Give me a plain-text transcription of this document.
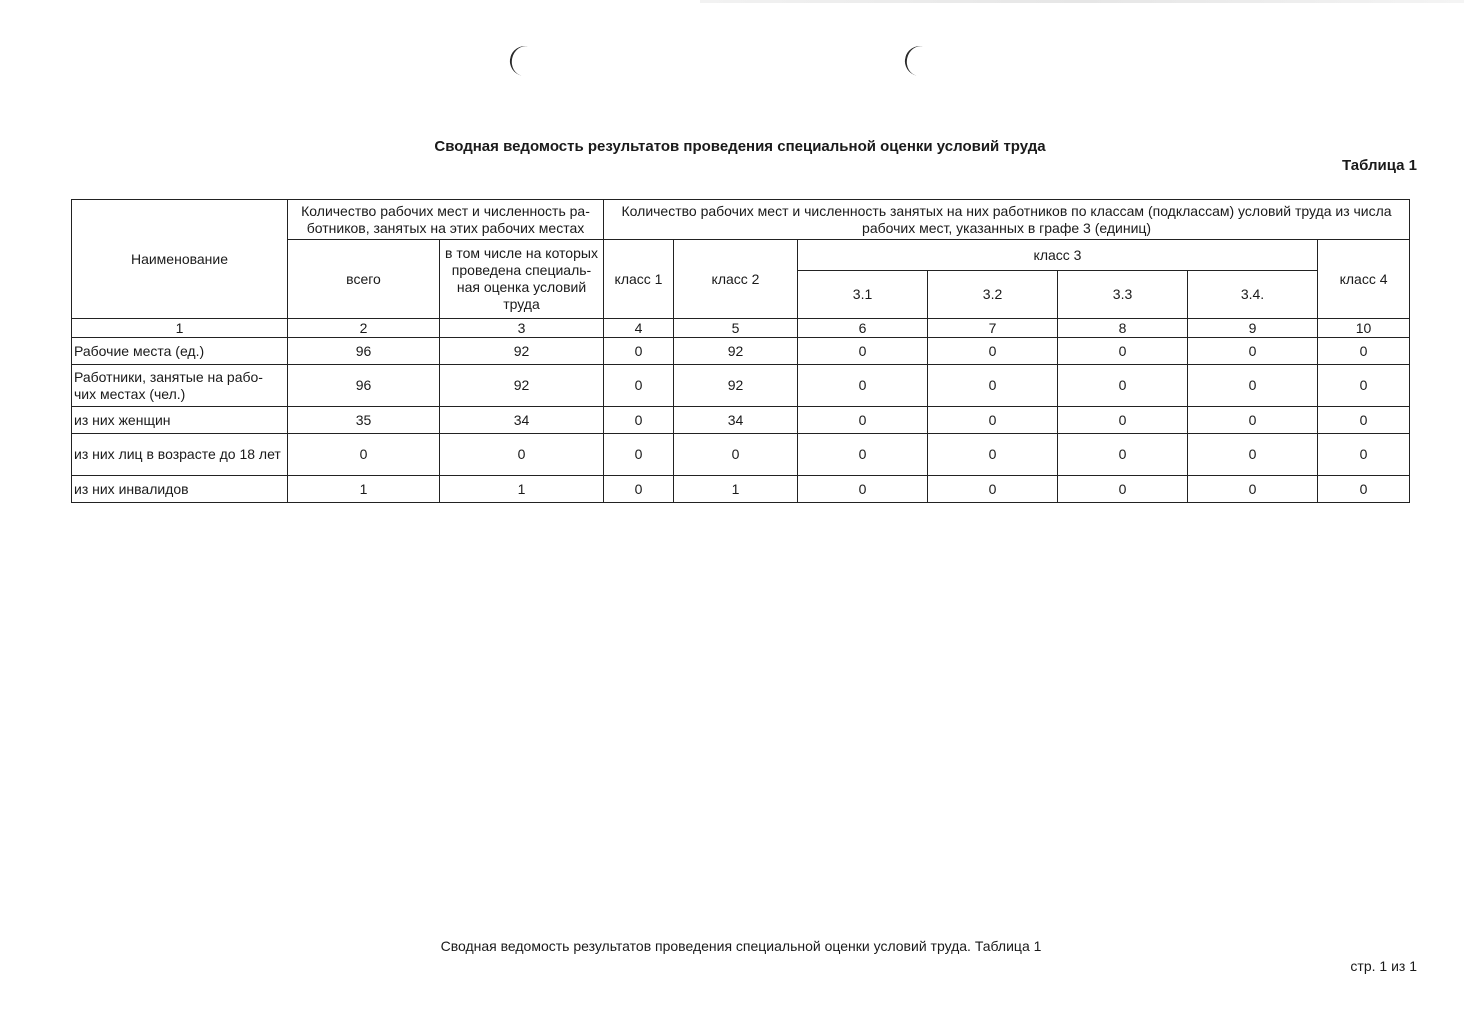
Сводная ведомость результатов проведения специальной оценки условий труда
Таблица 1
Наименование	Количество рабочих мест и численность ра-ботников, занятых на этих рабочих местах		Количество рабочих мест и численность занятых на них работников по классам (подклассам) условий труда из числа рабочих мест, указанных в графе 3 (единиц)						
	всего	в том числе на которых проведена специаль-ная оценка условий труда	класс 1	класс 2	класс 3				класс 4
					3.1	3.2	3.3	3.4.	
1	2	3	4	5	6	7	8	9	10
Рабочие места (ед.)	96	92	0	92	0	0	0	0	0
Работники, занятые на рабо-чих местах (чел.)	96	92	0	92	0	0	0	0	0
из них женщин	35	34	0	34	0	0	0	0	0
из них лиц в возрасте до 18 лет	0	0	0	0	0	0	0	0	0
из них инвалидов	1	1	0	1	0	0	0	0	0
Сводная ведомость результатов проведения специальной оценки условий труда. Таблица 1
стр. 1 из 1
